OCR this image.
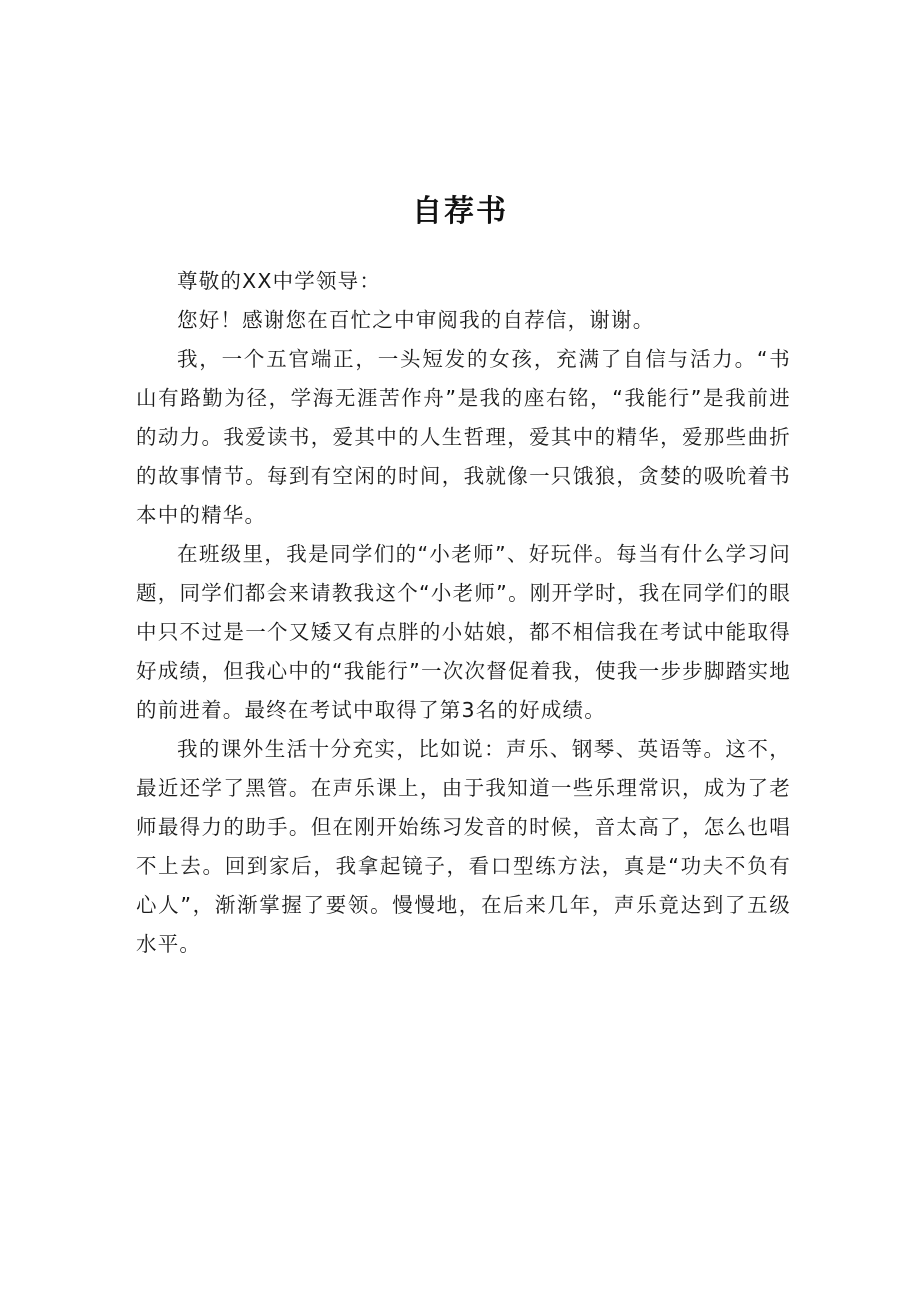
自荐书

尊敬的XX中学领导：

您好！感谢您在百忙之中审阅我的自荐信，谢谢。

我，一个五官端正，一头短发的女孩，充满了自信与活力。“书山有路勤为径，学海无涯苦作舟”是我的座右铭，“我能行”是我前进的动力。我爱读书，爱其中的人生哲理，爱其中的精华，爱那些曲折的故事情节。每到有空闲的时间，我就像一只饿狼，贪婪的吸吮着书本中的精华。

在班级里，我是同学们的“小老师”、好玩伴。每当有什么学习问题，同学们都会来请教我这个“小老师”。刚开学时，我在同学们的眼中只不过是一个又矮又有点胖的小姑娘，都不相信我在考试中能取得好成绩，但我心中的“我能行”一次次督促着我，使我一步步脚踏实地的前进着。最终在考试中取得了第3名的好成绩。

我的课外生活十分充实，比如说：声乐、钢琴、英语等。这不，最近还学了黑管。在声乐课上，由于我知道一些乐理常识，成为了老师最得力的助手。但在刚开始练习发音的时候，音太高了，怎么也唱不上去。回到家后，我拿起镜子，看口型练方法，真是“功夫不负有心人”，渐渐掌握了要领。慢慢地，在后来几年，声乐竟达到了五级水平。
